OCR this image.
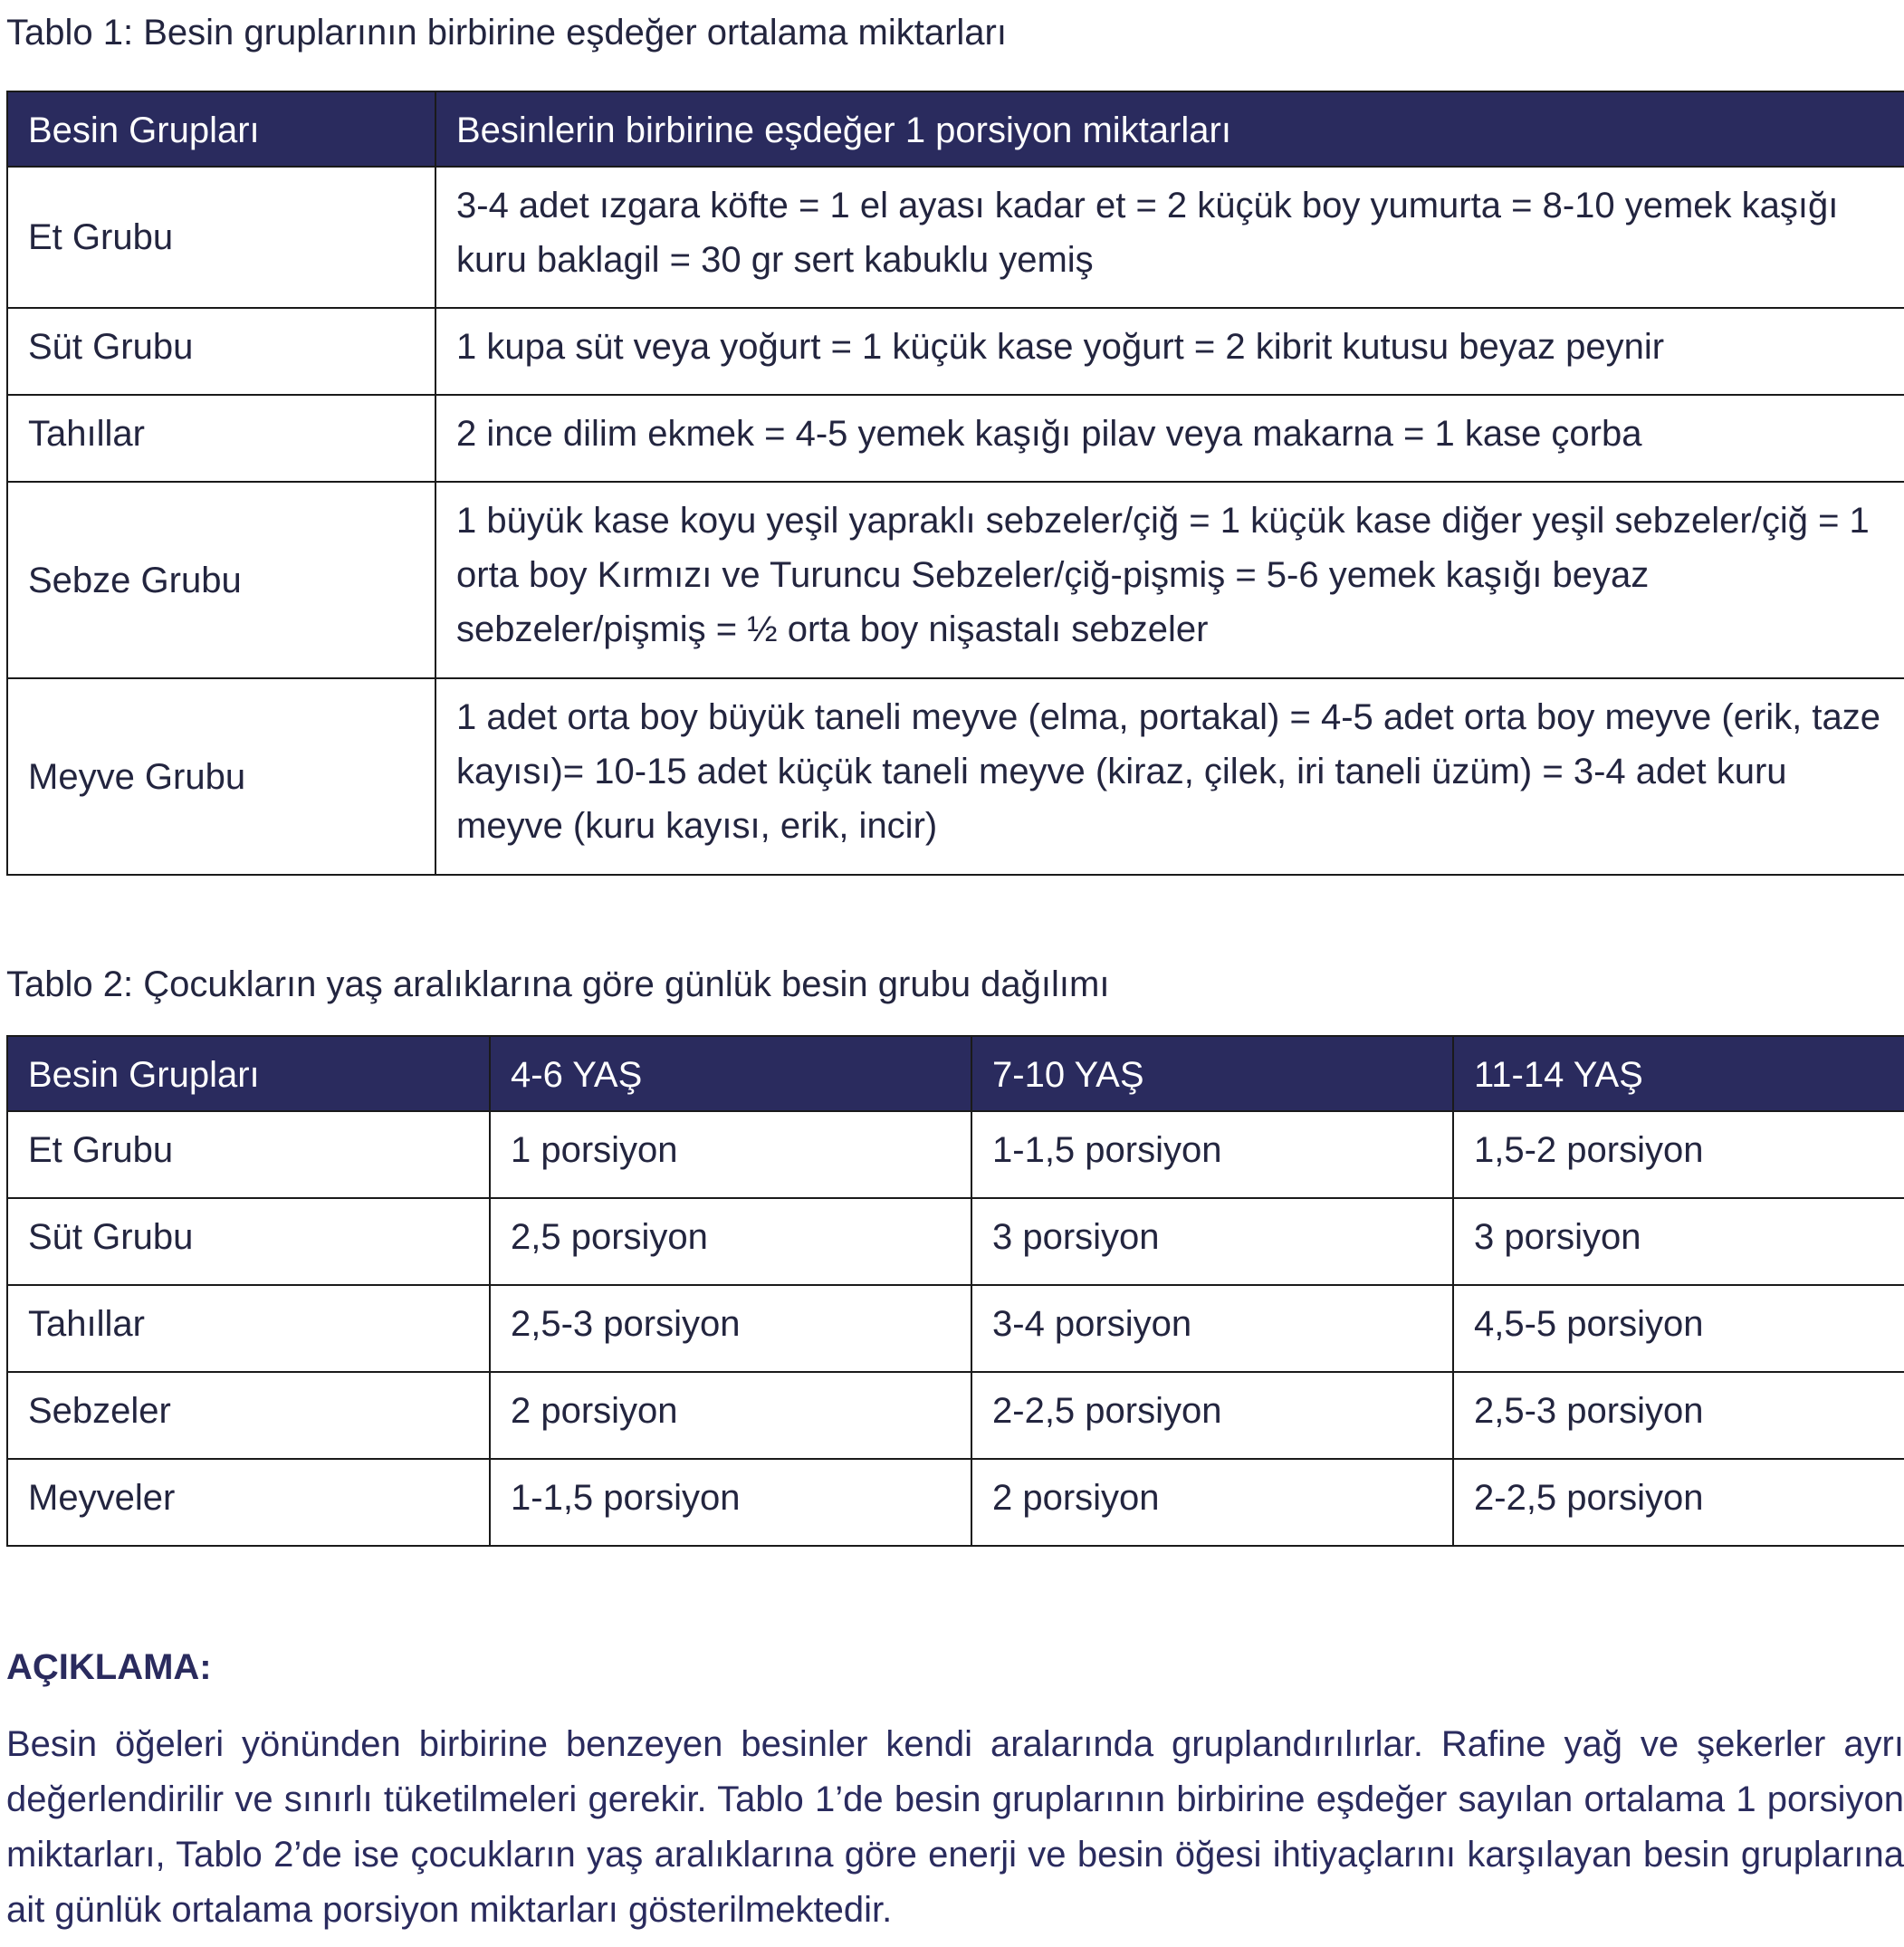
Tablo 1: Besin gruplarının birbirine eşdeğer ortalama miktarları
Besin Grupları	Besinlerin birbirine eşdeğer 1 porsiyon miktarları
Et Grubu	3-4 adet ızgara köfte = 1 el ayası kadar et = 2 küçük boy yumurta = 8-10 yemek kaşığı kuru baklagil = 30 gr sert kabuklu yemiş
Süt Grubu	1 kupa süt veya yoğurt = 1 küçük kase yoğurt = 2 kibrit kutusu beyaz peynir
Tahıllar	2 ince dilim ekmek = 4-5 yemek kaşığı pilav veya makarna = 1 kase çorba
Sebze Grubu	1 büyük kase koyu yeşil yapraklı sebzeler/çiğ = 1 küçük kase diğer yeşil sebzeler/çiğ = 1 orta boy Kırmızı ve Turuncu Sebzeler/çiğ-pişmiş = 5-6 yemek kaşığı beyaz sebzeler/pişmiş = ½ orta boy nişastalı sebzeler
Meyve Grubu	1 adet orta boy büyük taneli meyve (elma, portakal) = 4-5 adet orta boy meyve (erik, taze kayısı)= 10-15 adet küçük taneli meyve (kiraz, çilek, iri taneli üzüm) = 3-4 adet kuru meyve (kuru kayısı, erik, incir)
Tablo 2: Çocukların yaş aralıklarına göre günlük besin grubu dağılımı
Besin Grupları	4-6 YAŞ	7-10 YAŞ	11-14 YAŞ
Et Grubu	1 porsiyon	1-1,5 porsiyon	1,5-2 porsiyon
Süt Grubu	2,5 porsiyon	3 porsiyon	3 porsiyon
Tahıllar	2,5-3 porsiyon	3-4 porsiyon	4,5-5 porsiyon
Sebzeler	2 porsiyon	2-2,5 porsiyon	2,5-3 porsiyon
Meyveler	1-1,5 porsiyon	2 porsiyon	2-2,5 porsiyon
AÇIKLAMA:
Besin öğeleri yönünden birbirine benzeyen besinler kendi aralarında gruplandırılırlar. Rafine yağ ve şekerler ayrı değerlendirilir ve sınırlı tüketilmeleri gerekir. Tablo 1’de besin gruplarının birbirine eşdeğer sayılan ortalama 1 porsiyon miktarları, Tablo 2’de ise çocukların yaş aralıklarına göre enerji ve besin öğesi ihtiyaçlarını karşılayan besin gruplarına ait günlük ortalama porsiyon miktarları gösterilmektedir.
